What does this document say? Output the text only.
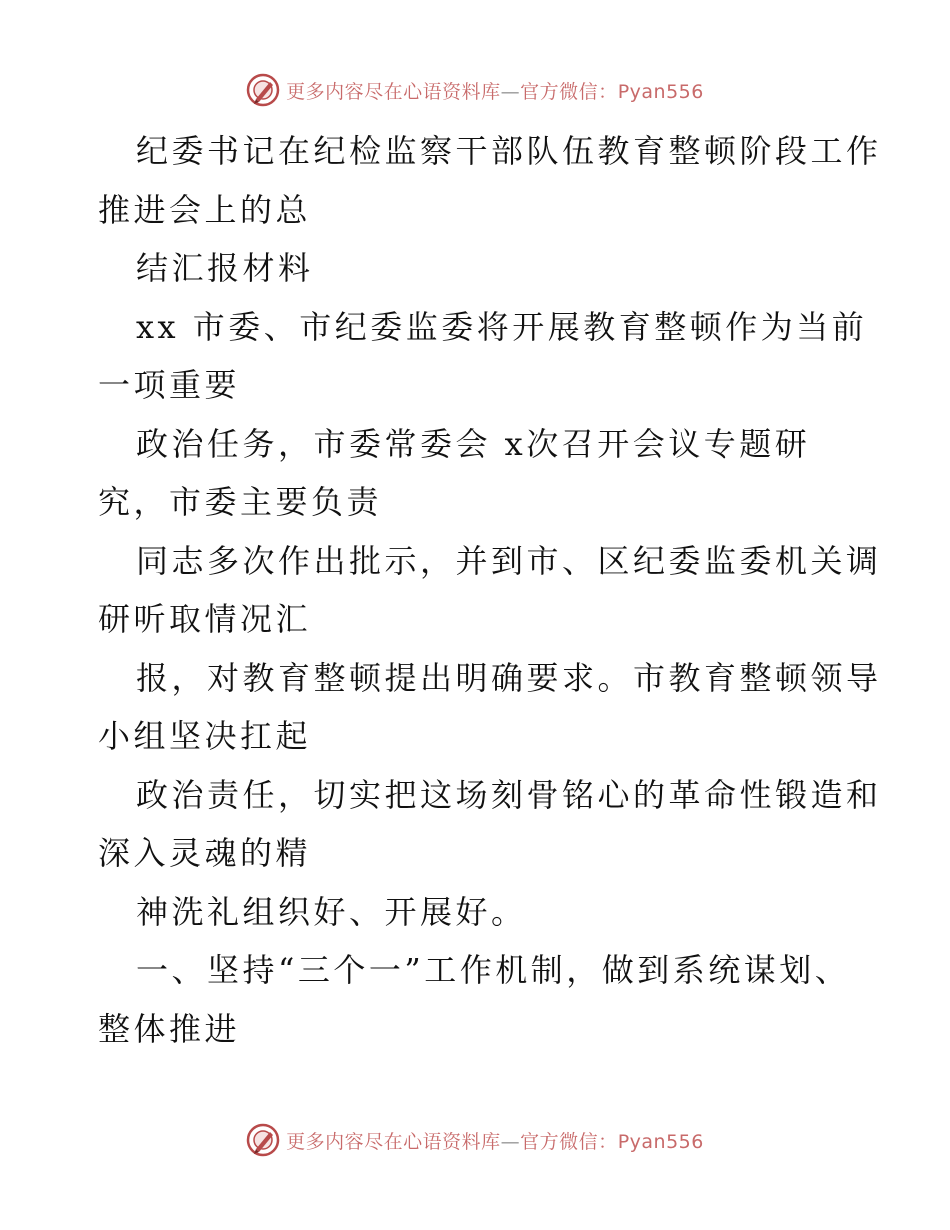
更多内容尽在心语资料库—官方微信：Pyan556
纪委书记在纪检监察干部队伍教育整顿阶段工作
推进会上的总
结汇报材料
xx 市委、市纪委监委将开展教育整顿作为当前
一项重要
政治任务，市委常委会 x次召开会议专题研
究，市委主要负责
同志多次作出批示，并到市、区纪委监委机关调
研听取情况汇
报，对教育整顿提出明确要求。市教育整顿领导
小组坚决扛起
政治责任，切实把这场刻骨铭心的革命性锻造和
深入灵魂的精
神洗礼组织好、开展好。
一、坚持“三个一”工作机制，做到系统谋划、
整体推进
更多内容尽在心语资料库—官方微信：Pyan556
